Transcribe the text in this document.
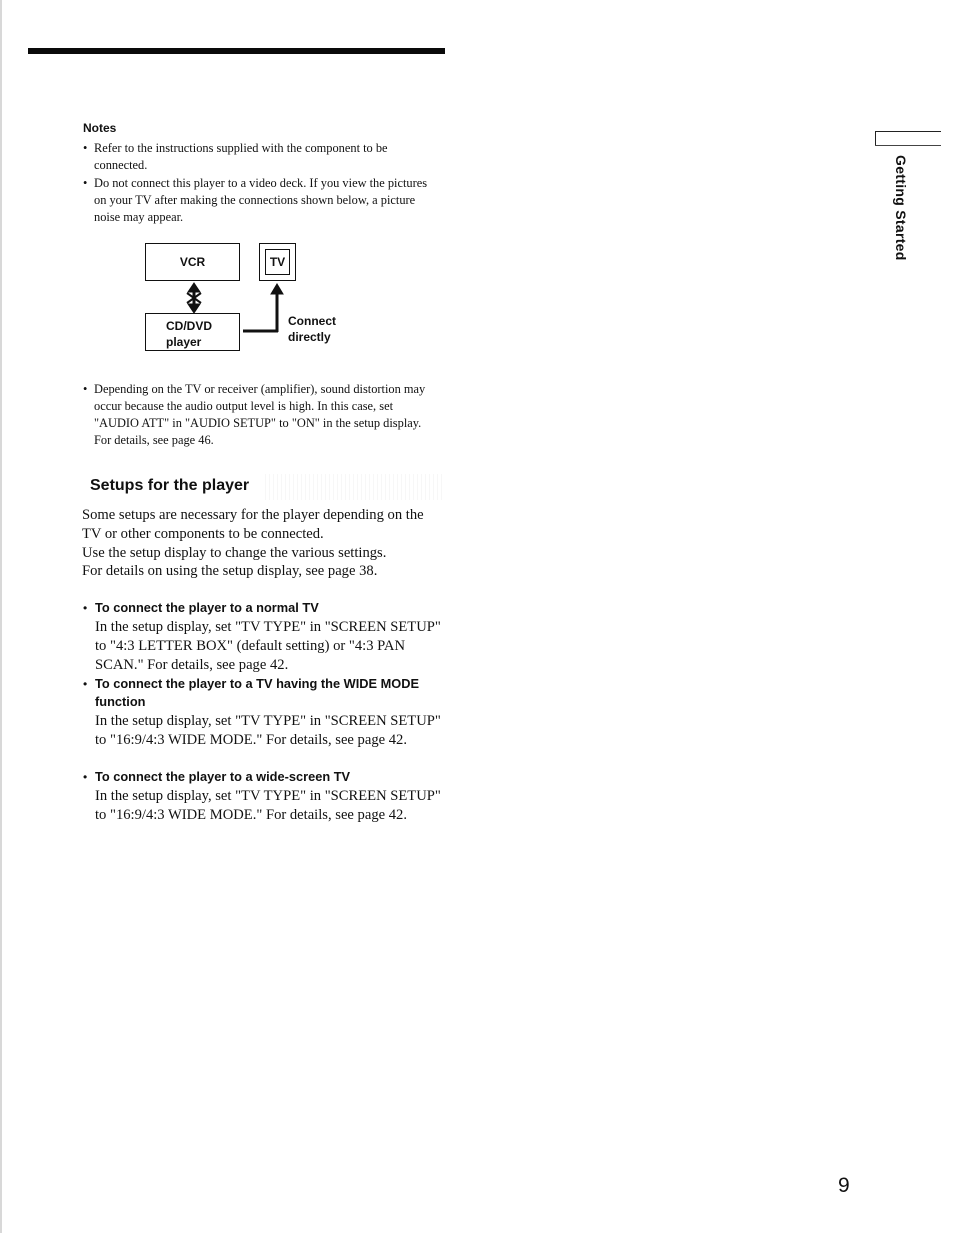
Notes
• Refer to the instructions supplied with the component to be connected.
• Do not connect this player to a video deck. If you view the pictures on your TV after making the connections shown below, a picture noise may appear.
VCR	TV
CD/DVD
player
Connect
directly
• Depending on the TV or receiver (amplifier), sound distortion may occur because the audio output level is high. In this case, set "AUDIO ATT" in "AUDIO SETUP" to "ON" in the setup display. For details, see page 46.
Setups for the player

Some setups are necessary for the player depending on the TV or other components to be connected.

Use the setup display to change the various settings.

For details on using the setup display, see page 38.

• To connect the player to a normal TV
In the setup display, set "TV TYPE" in "SCREEN SETUP" to "4:3 LETTER BOX" (default setting) or "4:3 PAN SCAN." For details, see page 42.
• To connect the player to a TV having the WIDE MODE function
In the setup display, set "TV TYPE" in "SCREEN SETUP" to "16:9/4:3 WIDE MODE." For details, see page 42.
• To connect the player to a wide-screen TV
In the setup display, set "TV TYPE" in "SCREEN SETUP" to "16:9/4:3 WIDE MODE." For details, see page 42.
Getting Started
9
